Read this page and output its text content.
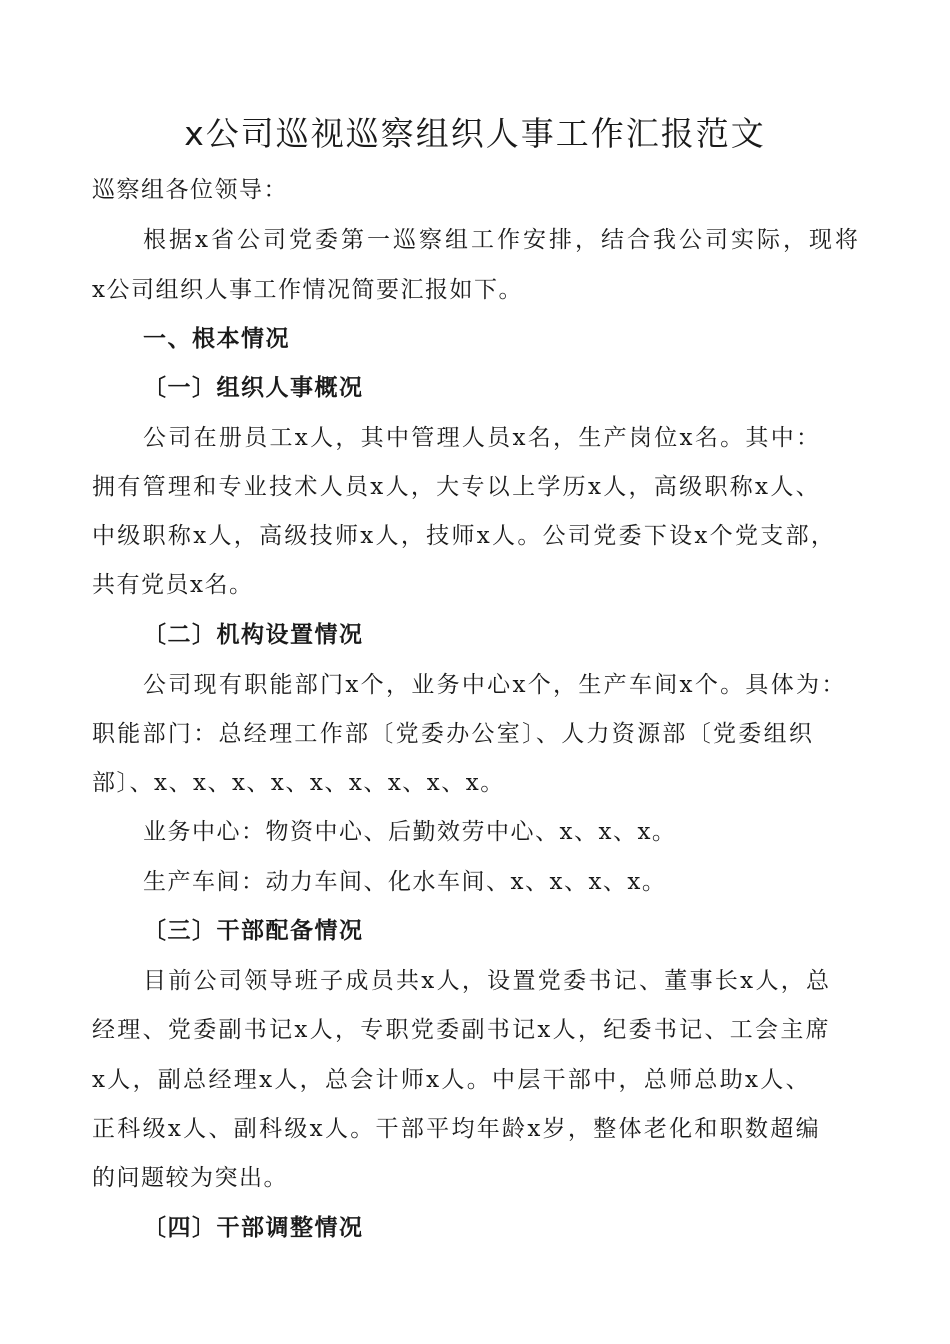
x公司巡视巡察组织人事工作汇报范文

巡察组各位领导：

根据x省公司党委第一巡察组工作安排，结合我公司实际，现将

x公司组织人事工作情况简要汇报如下。

一、根本情况

〔一〕组织人事概况

公司在册员工x人，其中管理人员x名，生产岗位x名。其中：

拥有管理和专业技术人员x人，大专以上学历x人，高级职称x人、

中级职称x人，高级技师x人，技师x人。公司党委下设x个党支部，

共有党员x名。

〔二〕机构设置情况

公司现有职能部门x个，业务中心x个，生产车间x个。具体为：

职能部门：总经理工作部〔党委办公室〕、人力资源部〔党委组织

部〕、x、x、x、x、x、x、x、x、x。

业务中心：物资中心、后勤效劳中心、x、x、x。

生产车间：动力车间、化水车间、x、x、x、x。

〔三〕干部配备情况

目前公司领导班子成员共x人，设置党委书记、董事长x人，总

经理、党委副书记x人，专职党委副书记x人，纪委书记、工会主席

x人，副总经理x人，总会计师x人。中层干部中，总师总助x人、

正科级x人、副科级x人。干部平均年龄x岁，整体老化和职数超编

的问题较为突出。

〔四〕干部调整情况
